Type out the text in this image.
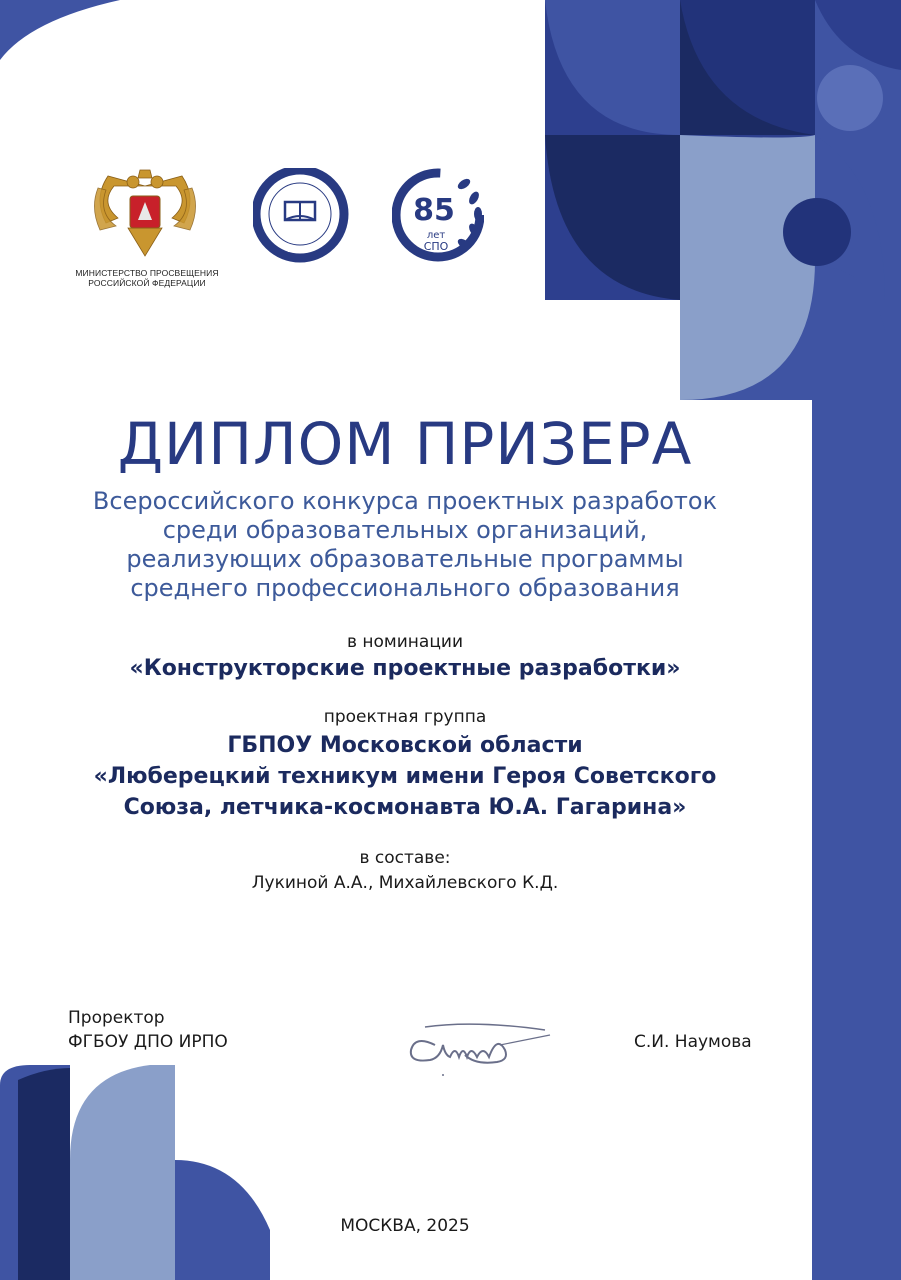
МИНИСТЕРСТВО ПРОСВЕЩЕНИЯ
РОССИЙСКОЙ ФЕДЕРАЦИИ
ИРПО
85
лет
СПО
ДИПЛОМ ПРИЗЕРА
Всероссийского конкурса проектных разработок
среди образовательных организаций,
реализующих образовательные программы
среднего профессионального образования
в номинации
«Конструкторские проектные разработки»
проектная группа
ГБПОУ Московской области
«Люберецкий техникум имени Героя Советского
Союза, летчика-космонавта Ю.А. Гагарина»
в составе:
Лукиной А.А., Михайлевского К.Д.
Проректор
ФГБОУ ДПО ИРПО	С.И. Наумова
МОСКВА, 2025
